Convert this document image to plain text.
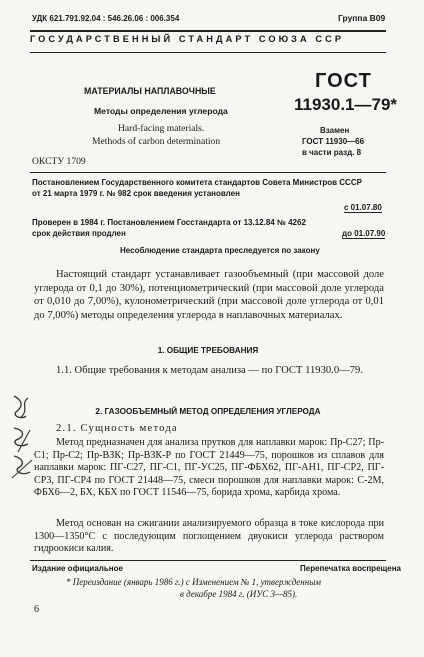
УДК 621.791.92.04 : 546.26.06 : 006.354	Группа В09
ГОСУДАРСТВЕННЫЙ СТАНДАРТ СОЮЗА ССР
МАТЕРИАЛЫ НАПЛАВОЧНЫЕ
Методы определения углерода
Hard-facing materials.
Methods of carbon determination
ГОСТ
11930.1—79*
Взамен
ГОСТ 11930—66
в части разд. 8
ОКСТУ 1709
Постановлением Государственного комитета стандартов Совета Министров СССР
от 21 марта 1979 г. № 982 срок введения установлен
с 01.07.80
Проверен в 1984 г. Постановлением Госстандарта от 13.12.84 № 4262
срок действия продлен	до 01.07.90
Несоблюдение стандарта преследуется по закону
Настоящий стандарт устанавливает газообъемный (при массовой доле углерода от 0,1 до 30%), потенциометрический (при массовой доле углерода от 0,010 до 7,00%), кулонометрический (при массовой доле углерода от 0,01 до 7,00%) методы определения углерода в наплавочных материалах.
1. ОБЩИЕ ТРЕБОВАНИЯ
1.1. Общие требования к методам анализа — по ГОСТ 11930.0—79.
2. ГАЗООБЪЕМНЫЙ МЕТОД ОПРЕДЕЛЕНИЯ УГЛЕРОДА
2.1. Сущность метода
Метод предназначен для анализа прутков для наплавки марок: Пр-С27; Пр-С1; Пр-С2; Пр-ВЗК; Пр-ВЗК-Р по ГОСТ 21449—75, порошков из сплавов для наплавки марок: ПГ-С27, ПГ-С1, ПГ-УС25, ПГ-ФБХ62, ПГ-АН1, ПГ-СР2, ПГ-СР3, ПГ-СР4 по ГОСТ 21448—75, смеси порошков для наплавки марок: С-2М, ФБХ6—2, БХ, КБХ по ГОСТ 11546—75, борида хрома, карбида хрома.
Метод основан на сжигании анализируемого образца в токе кислорода при 1300—1350°С с последующим поглощением двуокиси углерода раствором гидроокиси калия.
Издание официальное	Перепечатка воспрещена
* Переиздание (январь 1986 г.) с Изменением № 1, утвержденным
в декабре 1984 г. (ИУС 3—85).
6
